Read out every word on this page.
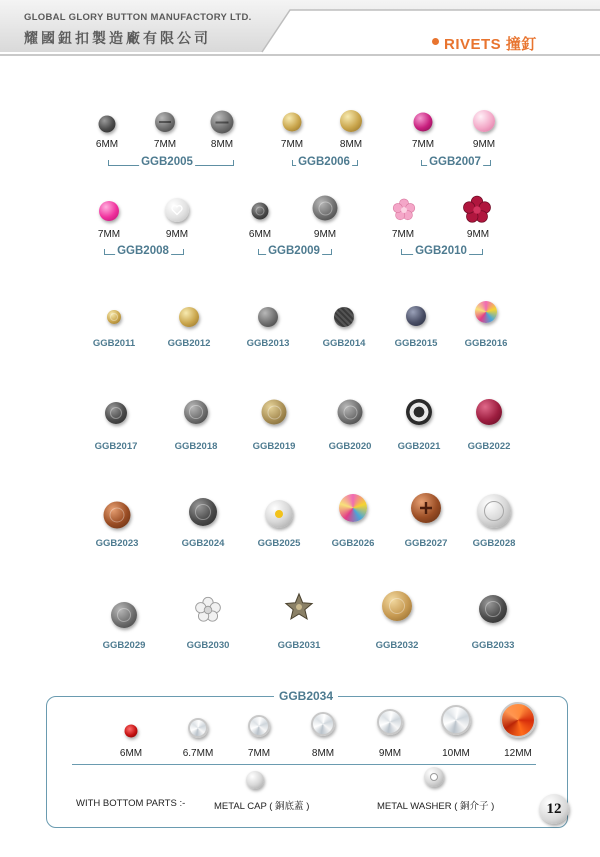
GLOBAL GLORY BUTTON MANUFACTORY LTD.
耀國鈕扣製造廠有限公司	RIVETS 撞釘
6MM	7MM	8MM
GGB2005
7MM	8MM
GGB2006
7MM	9MM
GGB2007
7MM	9MM
GGB2008
6MM	9MM
GGB2009
7MM	9MM
GGB2010
GGB2011	GGB2012	GGB2013	GGB2014	GGB2015	GGB2016
GGB2017	GGB2018	GGB2019	GGB2020	GGB2021	GGB2022
GGB2023	GGB2024	GGB2025	GGB2026	GGB2027	GGB2028
GGB2029	GGB2030	GGB2031	GGB2032	GGB2033
GGB2034
6MM	6.7MM	7MM	8MM	9MM	10MM	12MM
WITH BOTTOM PARTS :-	METAL CAP ( 銅底蓋 )	METAL WASHER ( 銅介子 )	12
